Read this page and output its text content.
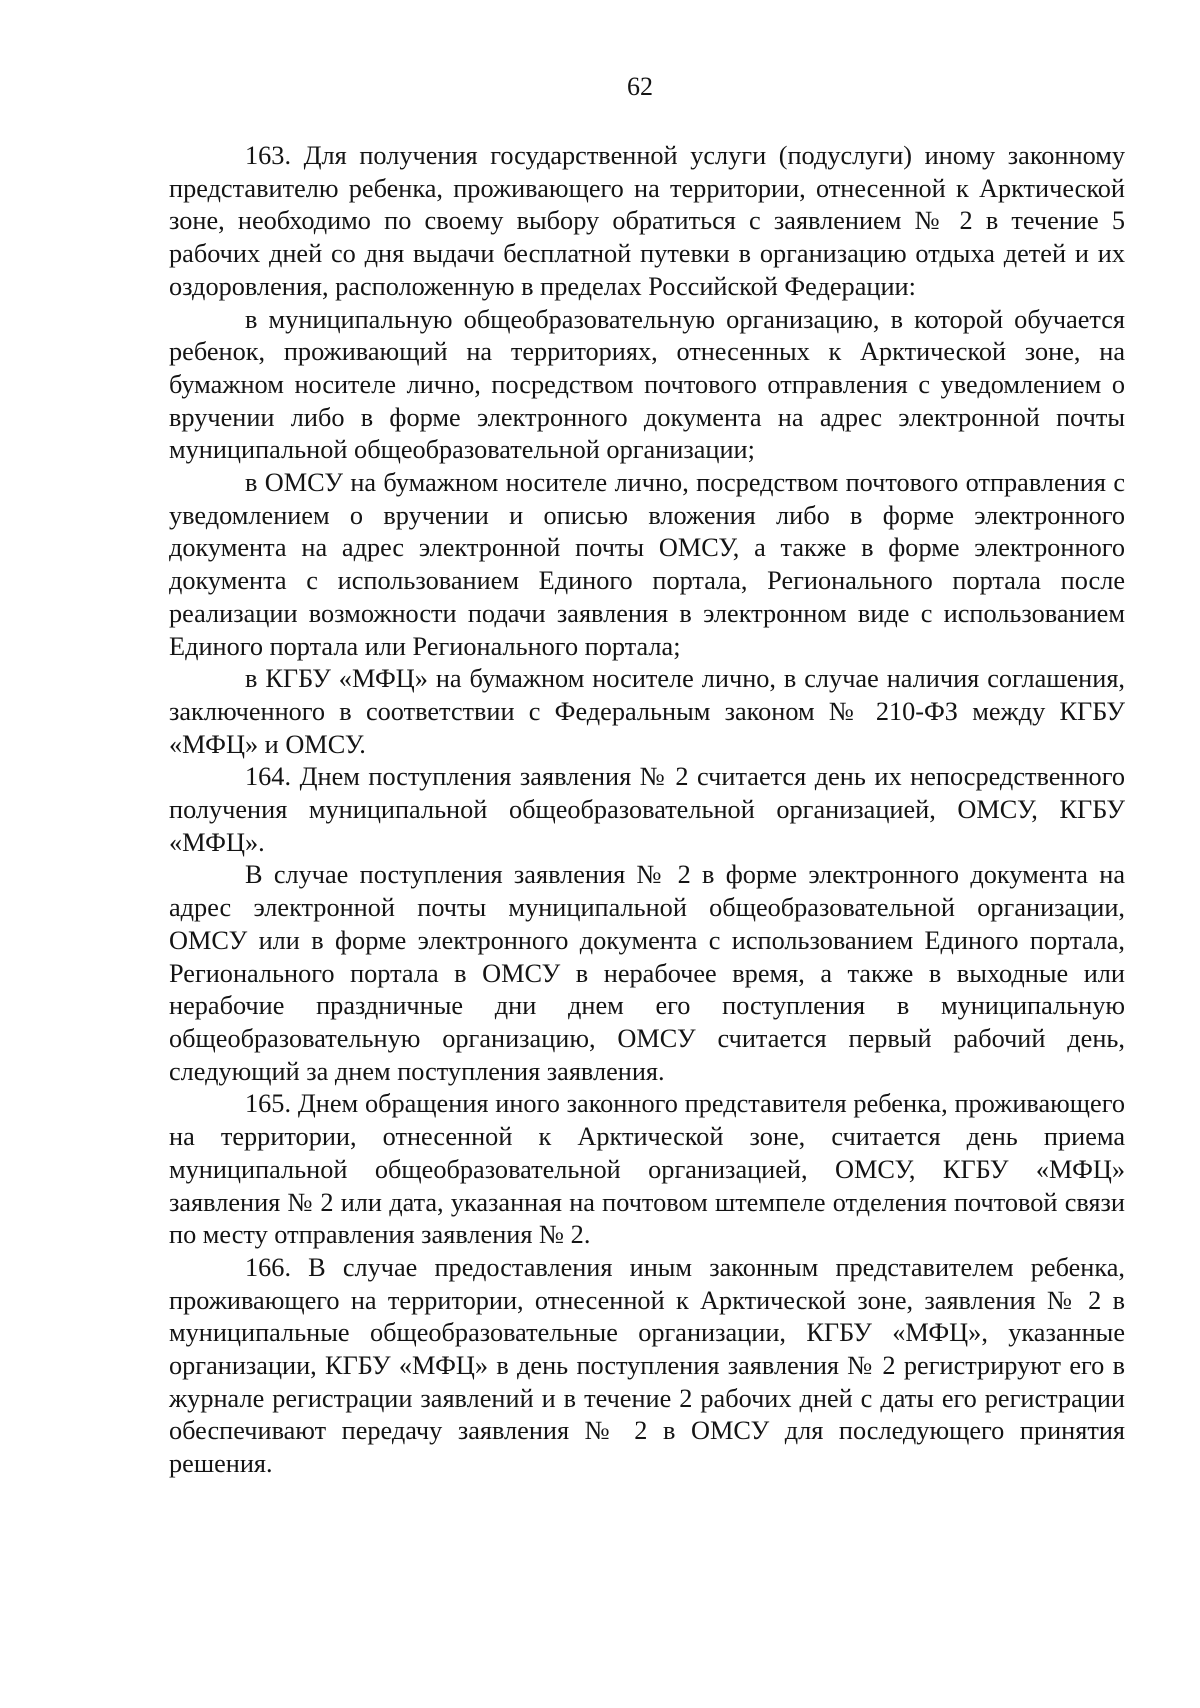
62

163. Для получения государственной услуги (подуслуги) иному законному представителю ребенка, проживающего на территории, отнесенной к Арктической зоне, необходимо по своему выбору обратиться с заявлением № 2 в течение 5 рабочих дней со дня выдачи бесплатной путевки в организацию отдыха детей и их оздоровления, расположенную в пределах Российской Федерации:

в муниципальную общеобразовательную организацию, в которой обучается ребенок, проживающий на территориях, отнесенных к Арктической зоне, на бумажном носителе лично, посредством почтового отправления с уведомлением о вручении либо в форме электронного документа на адрес электронной почты муниципальной общеобразовательной организации;

в ОМСУ на бумажном носителе лично, посредством почтового отправления с уведомлением о вручении и описью вложения либо в форме электронного документа на адрес электронной почты ОМСУ, а также в форме электронного документа с использованием Единого портала, Регионального портала после реализации возможности подачи заявления в электронном виде с использованием Единого портала или Регионального портала;

в КГБУ «МФЦ» на бумажном носителе лично, в случае наличия соглашения, заключенного в соответствии с Федеральным законом № 210-ФЗ между КГБУ «МФЦ» и ОМСУ.

164. Днем поступления заявления № 2 считается день их непосредственного получения муниципальной общеобразовательной организацией, ОМСУ, КГБУ «МФЦ».

В случае поступления заявления № 2 в форме электронного документа на адрес электронной почты муниципальной общеобразовательной организации, ОМСУ или в форме электронного документа с использованием Единого портала, Регионального портала в ОМСУ в нерабочее время, а также в выходные или нерабочие праздничные дни днем его поступления в муниципальную общеобразовательную организацию, ОМСУ считается первый рабочий день, следующий за днем поступления заявления.

165. Днем обращения иного законного представителя ребенка, проживающего на территории, отнесенной к Арктической зоне, считается день приема муниципальной общеобразовательной организацией, ОМСУ, КГБУ «МФЦ» заявления № 2 или дата, указанная на почтовом штемпеле отделения почтовой связи по месту отправления заявления № 2.

166. В случае предоставления иным законным представителем ребенка, проживающего на территории, отнесенной к Арктической зоне, заявления № 2 в муниципальные общеобразовательные организации, КГБУ «МФЦ», указанные организации, КГБУ «МФЦ» в день поступления заявления № 2 регистрируют его в журнале регистрации заявлений и в течение 2 рабочих дней с даты его регистрации обеспечивают передачу заявления № 2 в ОМСУ для последующего принятия решения.
